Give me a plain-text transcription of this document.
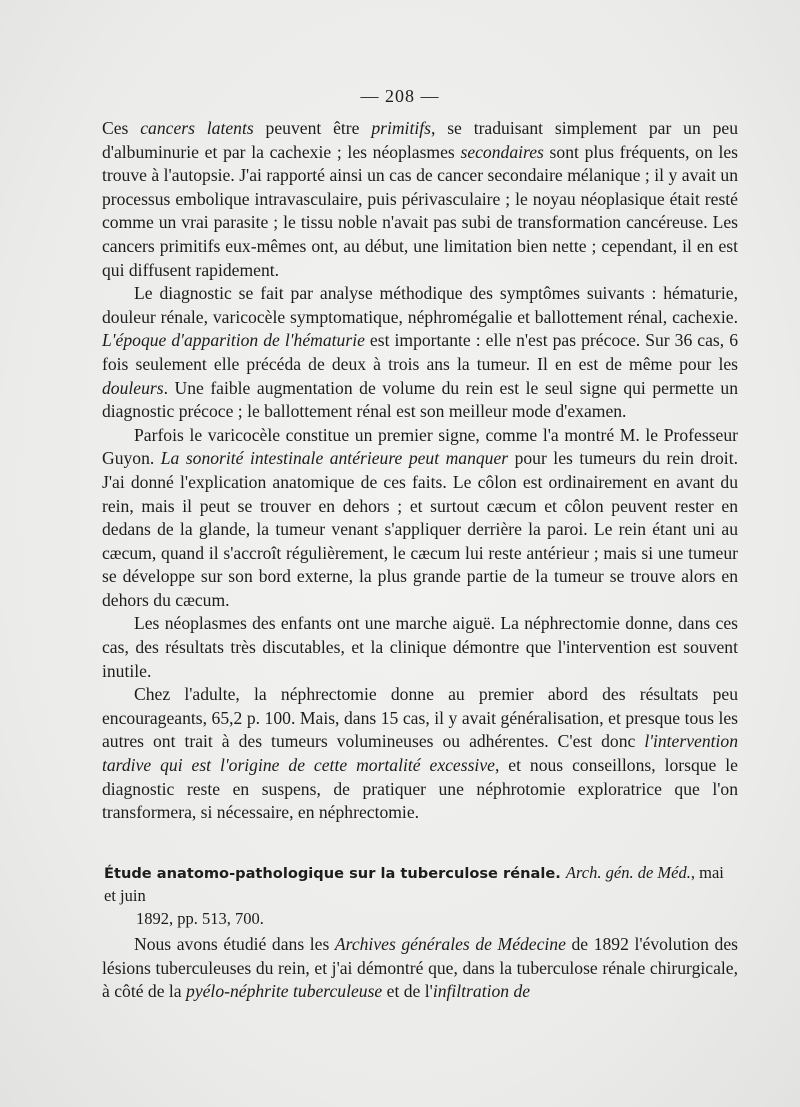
— 208 —

Ces cancers latents peuvent être primitifs, se traduisant simplement par un peu d'albuminurie et par la cachexie ; les néoplasmes secondaires sont plus fréquents, on les trouve à l'autopsie. J'ai rapporté ainsi un cas de cancer secondaire mélanique ; il y avait un processus embolique intravasculaire, puis périvasculaire ; le noyau néoplasique était resté comme un vrai parasite ; le tissu noble n'avait pas subi de transformation cancéreuse. Les cancers primitifs eux-mêmes ont, au début, une limitation bien nette ; cependant, il en est qui diffusent rapidement.

Le diagnostic se fait par analyse méthodique des symptômes suivants : hématurie, douleur rénale, varicocèle symptomatique, néphromégalie et ballottement rénal, cachexie. L'époque d'apparition de l'hématurie est importante : elle n'est pas précoce. Sur 36 cas, 6 fois seulement elle précéda de deux à trois ans la tumeur. Il en est de même pour les douleurs. Une faible augmentation de volume du rein est le seul signe qui permette un diagnostic précoce ; le ballottement rénal est son meilleur mode d'examen.

Parfois le varicocèle constitue un premier signe, comme l'a montré M. le Professeur Guyon. La sonorité intestinale antérieure peut manquer pour les tumeurs du rein droit. J'ai donné l'explication anatomique de ces faits. Le côlon est ordinairement en avant du rein, mais il peut se trouver en dehors ; et surtout cæcum et côlon peuvent rester en dedans de la glande, la tumeur venant s'appliquer derrière la paroi. Le rein étant uni au cæcum, quand il s'accroît régulièrement, le cæcum lui reste antérieur ; mais si une tumeur se développe sur son bord externe, la plus grande partie de la tumeur se trouve alors en dehors du cæcum.

Les néoplasmes des enfants ont une marche aiguë. La néphrectomie donne, dans ces cas, des résultats très discutables, et la clinique démontre que l'intervention est souvent inutile.

Chez l'adulte, la néphrectomie donne au premier abord des résultats peu encourageants, 65,2 p. 100. Mais, dans 15 cas, il y avait généralisation, et presque tous les autres ont trait à des tumeurs volumineuses ou adhérentes. C'est donc l'intervention tardive qui est l'origine de cette mortalité excessive, et nous conseillons, lorsque le diagnostic reste en suspens, de pratiquer une néphrotomie exploratrice que l'on transformera, si nécessaire, en néphrectomie.

Étude anatomo-pathologique sur la tuberculose rénale. Arch. gén. de Méd., mai et juin
1892, pp. 513, 700.

Nous avons étudié dans les Archives générales de Médecine de 1892 l'évolution des lésions tuberculeuses du rein, et j'ai démontré que, dans la tuberculose rénale chirurgicale, à côté de la pyélo-néphrite tuberculeuse et de l'infiltration de
